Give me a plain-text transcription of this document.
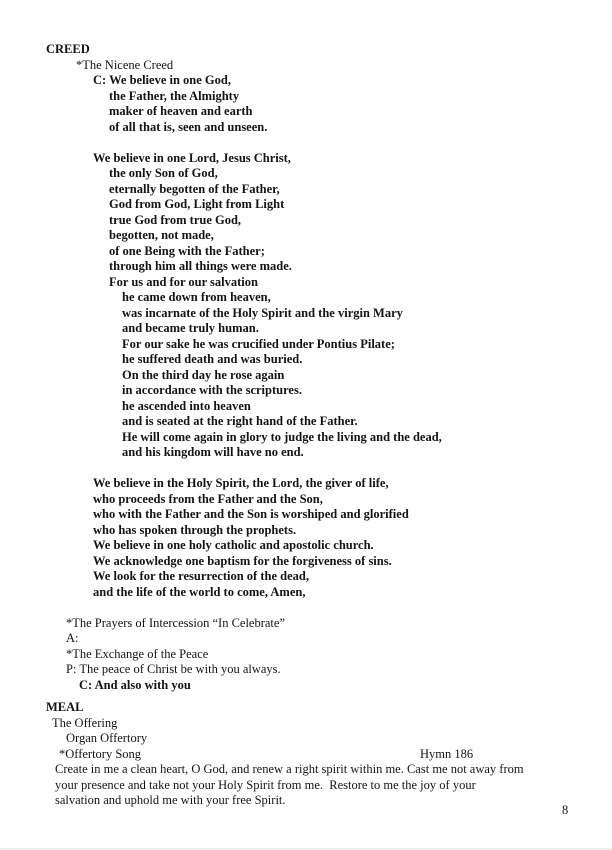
CREED
*The Nicene Creed
C: We believe in one God,
the Father, the Almighty
maker of heaven and earth
of all that is, seen and unseen.
We believe in one Lord, Jesus Christ,
the only Son of God,
eternally begotten of the Father,
God from God, Light from Light
true God from true God,
begotten, not made,
of one Being with the Father;
through him all things were made.
For us and for our salvation
he came down from heaven,
was incarnate of the Holy Spirit and the virgin Mary
and became truly human.
For our sake he was crucified under Pontius Pilate;
he suffered death and was buried.
On the third day he rose again
in accordance with the scriptures.
he ascended into heaven
and is seated at the right hand of the Father.
He will come again in glory to judge the living and the dead,
and his kingdom will have no end.
We believe in the Holy Spirit, the Lord, the giver of life,
who proceeds from the Father and the Son,
who with the Father and the Son is worshiped and glorified
who has spoken through the prophets.
We believe in one holy catholic and apostolic church.
We acknowledge one baptism for the forgiveness of sins.
We look for the resurrection of the dead,
and the life of the world to come, Amen,
*The Prayers of Intercession “In Celebrate”
A:
*The Exchange of the Peace
P: The peace of Christ be with you always.
C: And also with you
MEAL
The Offering
Organ Offertory
*Offertory Song	Hymn 186
Create in me a clean heart, O God, and renew a right spirit within me. Cast me not away from
your presence and take not your Holy Spirit from me.  Restore to me the joy of your
salvation and uphold me with your free Spirit.
8
